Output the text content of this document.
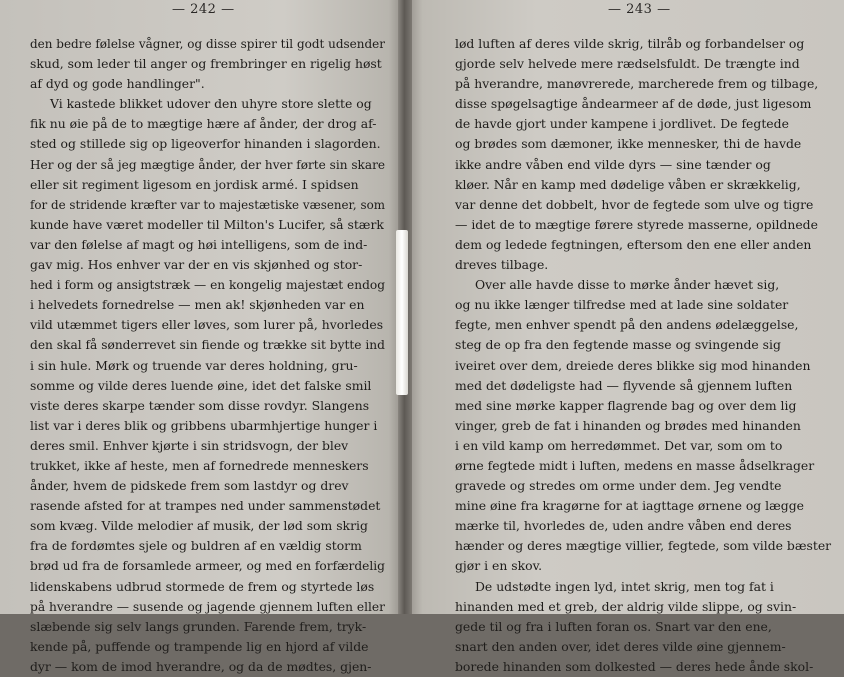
— 242 —
den bedre følelse vågner, og disse spirer til godt udsender
skud, som leder til anger og frembringer en rigelig høst
af dyd og gode handlinger".
Vi kastede blikket udover den uhyre store slette og
fik nu øie på de to mægtige hære af ånder, der drog af-
sted og stillede sig op ligeoverfor hinanden i slagorden.
Her og der så jeg mægtige ånder, der hver førte sin skare
eller sit regiment ligesom en jordisk armé. I spidsen
for de stridende kræfter var to majestætiske væsener, som
kunde have været modeller til Milton's Lucifer, så stærk
var den følelse af magt og høi intelligens, som de ind-
gav mig. Hos enhver var der en vis skjønhed og stor-
hed i form og ansigtstræk — en kongelig majestæt endog
i helvedets fornedrelse — men ak! skjønheden var en
vild utæmmet tigers eller løves, som lurer på, hvorledes
den skal få sønderrevet sin fiende og trække sit bytte ind
i sin hule. Mørk og truende var deres holdning, gru-
somme og vilde deres luende øine, idet det falske smil
viste deres skarpe tænder som disse rovdyr. Slangens
list var i deres blik og gribbens ubarmhjertige hunger i
deres smil. Enhver kjørte i sin stridsvogn, der blev
trukket, ikke af heste, men af fornedrede menneskers
ånder, hvem de pidskede frem som lastdyr og drev
rasende afsted for at trampes ned under sammenstødet
som kvæg. Vilde melodier af musik, der lød som skrig
fra de fordømtes sjele og buldren af en vældig storm
brød ud fra de forsamlede armeer, og med en forfærdelig
lidenskabens udbrud stormede de frem og styrtede løs
på hverandre — susende og jagende gjennem luften eller
slæbende sig selv langs grunden. Farende frem, tryk-
kende på, puffende og trampende lig en hjord af vilde
dyr — kom de imod hverandre, og da de mødtes, gjen-
— 243 —
lød luften af deres vilde skrig, tilråb og forbandelser og
gjorde selv helvede mere rædselsfuldt. De trængte ind
på hverandre, manøvrerede, marcherede frem og tilbage,
disse spøgelsagtige åndearmeer af de døde, just ligesom
de havde gjort under kampene i jordlivet. De fegtede
og brødes som dæmoner, ikke mennesker, thi de havde
ikke andre våben end vilde dyrs — sine tænder og
kløer. Når en kamp med dødelige våben er skrækkelig,
var denne det dobbelt, hvor de fegtede som ulve og tigre
— idet de to mægtige førere styrede masserne, opildnede
dem og ledede fegtningen, eftersom den ene eller anden
dreves tilbage.
Over alle havde disse to mørke ånder hævet sig,
og nu ikke længer tilfredse med at lade sine soldater
fegte, men enhver spendt på den andens ødelæggelse,
steg de op fra den fegtende masse og svingende sig
iveiret over dem, dreiede deres blikke sig mod hinanden
med det dødeligste had — flyvende så gjennem luften
med sine mørke kapper flagrende bag og over dem lig
vinger, greb de fat i hinanden og brødes med hinanden
i en vild kamp om herredømmet. Det var, som om to
ørne fegtede midt i luften, medens en masse ådselkrager
gravede og stredes om orme under dem. Jeg vendte
mine øine fra kragørne for at iagttage ørnene og lægge
mærke til, hvorledes de, uden andre våben end deres
hænder og deres mægtige villier, fegtede, som vilde bæster
gjør i en skov.
De udstødte ingen lyd, intet skrig, men tog fat i
hinanden med et greb, der aldrig vilde slippe, og svin-
gede til og fra i luften foran os. Snart var den ene,
snart den anden over, idet deres vilde øine gjennem-
borede hinanden som dolkested — deres hede ånde skol-
